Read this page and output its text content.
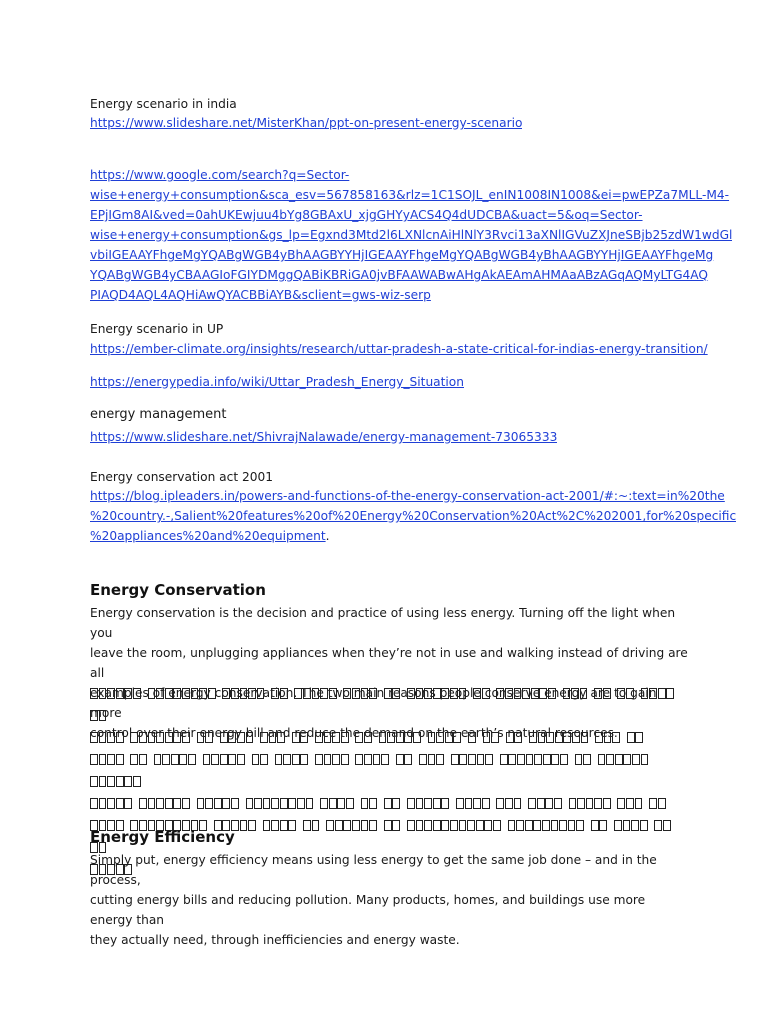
Energy scenario in india

https://www.slideshare.net/MisterKhan/ppt-on-present-energy-scenario

https://www.google.com/search?q=Sector-

wise+energy+consumption&sca_esv=567858163&rlz=1C1SOJL_enIN1008IN1008&ei=pwEPZa7MLL-M4-

EPjIGm8AI&ved=0ahUKEwjuu4bYg8GBAxU_xjgGHYyACS4Q4dUDCBA&uact=5&oq=Sector-

wise+energy+consumption&gs_lp=Egxnd3Mtd2l6LXNlcnAiHlNlY3Rvci13aXNlIGVuZXJneSBjb25zdW1wdGl

vbiIGEAAYFhgeMgYQABgWGB4yBhAAGBYYHjIGEAAYFhgeMgYQABgWGB4yBhAAGBYYHjIGEAAYFhgeMg

YQABgWGB4yCBAAGIoFGIYDMggQABiKBRiGA0jvBFAAWABwAHgAkAEAmAHMAaABzAGqAQMyLTG4AQ

PIAQD4AQL4AQHiAwQYACBBiAYB&sclient=gws-wiz-serp

Energy scenario in UP

https://ember-climate.org/insights/research/uttar-pradesh-a-state-critical-for-indias-energy-transition/

https://energypedia.info/wiki/Uttar_Pradesh_Energy_Situation

energy management

https://www.slideshare.net/ShivrajNalawade/energy-management-73065333

Energy conservation act 2001

https://blog.ipleaders.in/powers-and-functions-of-the-energy-conservation-act-2001/#:~:text=in%20the

%20country.-,Salient%20features%20of%20Energy%20Conservation%20Act%2C%202001,for%20specific

%20appliances%20and%20equipment.

Energy Conservation

Energy conservation is the decision and practice of using less energy. Turning off the light when you

leave the room, unplugging appliances when they’re not in use and walking instead of driving are all

examples of energy conservation. The two main reasons people conserve energy are to gain more

control over their energy bill and reduce the demand on the earth’s natural resources.

Energy Efficiency

Simply put, energy efficiency means using less energy to get the same job done – and in the process,

cutting energy bills and reducing pollution. Many products, homes, and buildings use more energy than

they actually need, through inefficiencies and energy waste.
